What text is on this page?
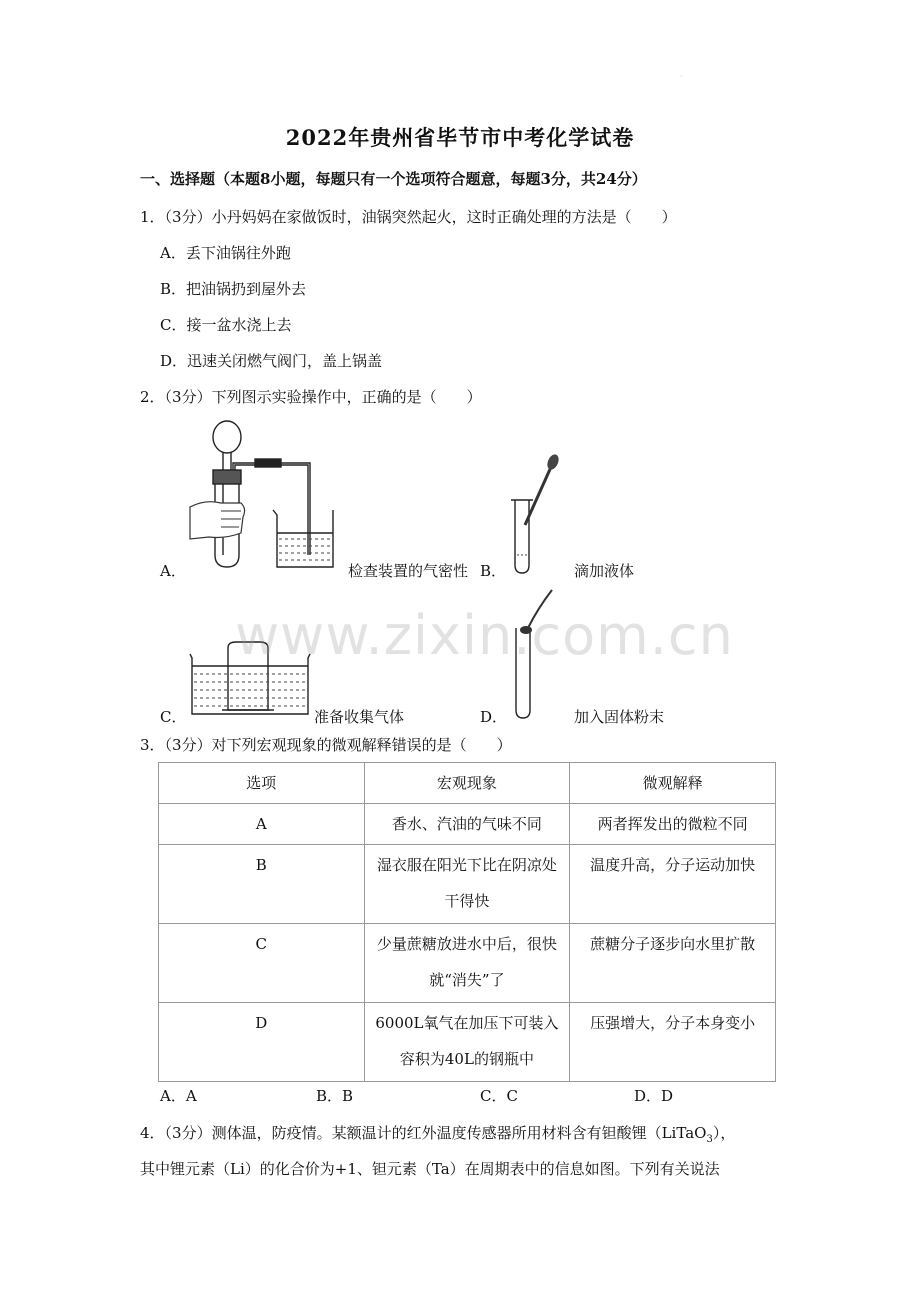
·
2022年贵州省毕节市中考化学试卷
一、选择题（本题8小题，每题只有一个选项符合题意，每题3分，共24分）
1．（3分）小丹妈妈在家做饭时，油锅突然起火，这时正确处理的方法是（　　）
A．丢下油锅往外跑
B．把油锅扔到屋外去
C．接一盆水浇上去
D．迅速关闭燃气阀门，盖上锅盖
2．（3分）下列图示实验操作中，正确的是（　　）
A．	检查装置的气密性 B．	滴加液体
C．	准备收集气体	D．	加入固体粉末
www.zixin.com.cn
3．（3分）对下列宏观现象的微观解释错误的是（　　）
选项	宏观现象	微观解释
A	香水、汽油的气味不同	两者挥发出的微粒不同
B	湿衣服在阳光下比在阴凉处
干得快	温度升高，分子运动加快
C	少量蔗糖放进水中后，很快
就“消失”了	蔗糖分子逐步向水里扩散
D	6000L氧气在加压下可装入
容积为40L的钢瓶中	压强增大，分子本身变小
A．A	B．B	C．C	D．D
4．（3分）测体温，防疫情。某额温计的红外温度传感器所用材料含有钽酸锂（LiTaO$_3$），
其中锂元素（Li）的化合价为+1、钽元素（Ta）在周期表中的信息如图。下列有关说法
